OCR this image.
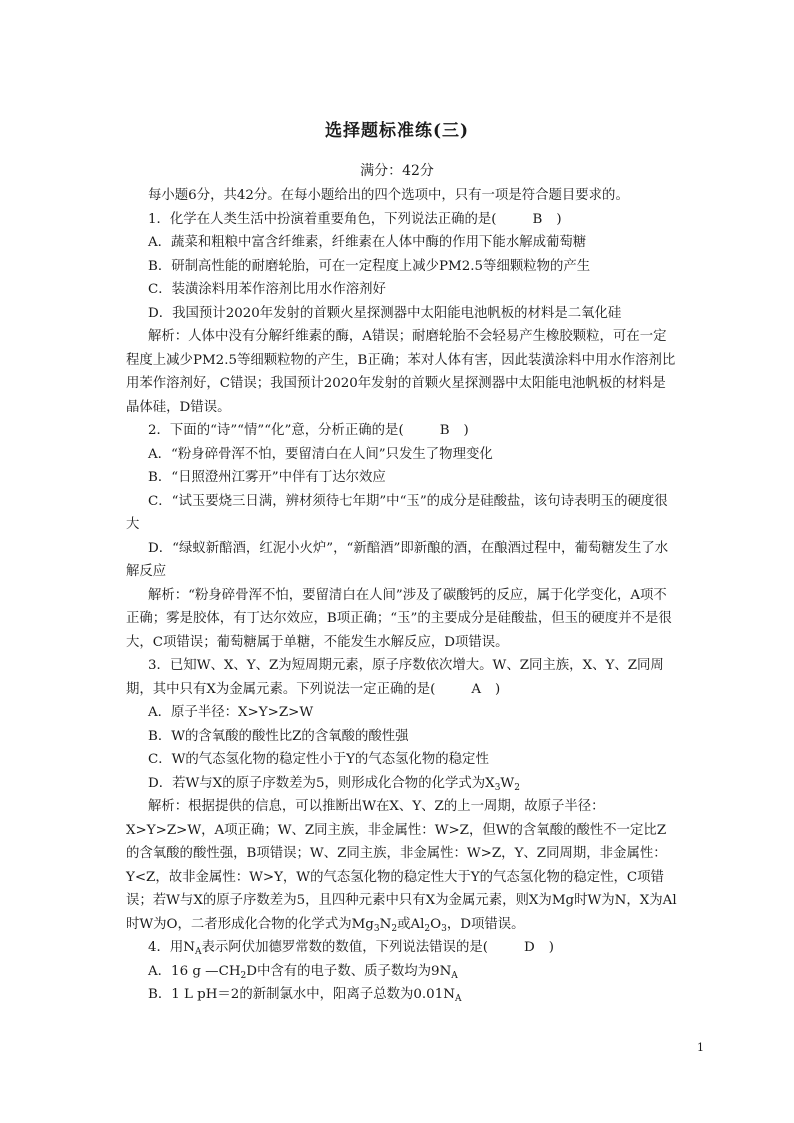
选择题标准练(三)
满分：42分

每小题6分，共42分。在每小题给出的四个选项中，只有一项是符合题目要求的。

1．化学在人类生活中扮演着重要角色，下列说法正确的是(	B )

A．蔬菜和粗粮中富含纤维素，纤维素在人体中酶的作用下能水解成葡萄糖

B．研制高性能的耐磨轮胎，可在一定程度上减少PM2.5等细颗粒物的产生

C．装潢涂料用苯作溶剂比用水作溶剂好

D．我国预计2020年发射的首颗火星探测器中太阳能电池帆板的材料是二氧化硅

解析：人体中没有分解纤维素的酶，A错误；耐磨轮胎不会轻易产生橡胶颗粒，可在一定程度上减少PM2.5等细颗粒物的产生，B正确；苯对人体有害，因此装潢涂料中用水作溶剂比用苯作溶剂好，C错误；我国预计2020年发射的首颗火星探测器中太阳能电池帆板的材料是晶体硅，D错误。

2．下面的“诗”“情”“化”意，分析正确的是(	B )

A．“粉身碎骨浑不怕，要留清白在人间”只发生了物理变化

B．“日照澄州江雾开”中伴有丁达尔效应

C．“试玉要烧三日满，辨材须待七年期”中“玉”的成分是硅酸盐，该句诗表明玉的硬度很大

D．“绿蚁新醅酒，红泥小火炉”，“新醅酒”即新酿的酒，在酿酒过程中，葡萄糖发生了水解反应

解析：“粉身碎骨浑不怕，要留清白在人间”涉及了碳酸钙的反应，属于化学变化，A项不正确；雾是胶体，有丁达尔效应，B项正确；“玉”的主要成分是硅酸盐，但玉的硬度并不是很大，C项错误；葡萄糖属于单糖，不能发生水解反应，D项错误。

3．已知W、X、Y、Z为短周期元素，原子序数依次增大。W、Z同主族，X、Y、Z同周期，其中只有X为金属元素。下列说法一定正确的是(	A )

A．原子半径：X>Y>Z>W

B．W的含氧酸的酸性比Z的含氧酸的酸性强

C．W的气态氢化物的稳定性小于Y的气态氢化物的稳定性

D．若W与X的原子序数差为5，则形成化合物的化学式为$X_3W_2$

解析：根据提供的信息，可以推断出W在X、Y、Z的上一周期，故原子半径：X>Y>Z>W，A项正确；W、Z同主族，非金属性：W>Z，但W的含氧酸的酸性不一定比Z的含氧酸的酸性强，B项错误；W、Z同主族，非金属性：W>Z，Y、Z同周期，非金属性：Y<Z，故非金属性：W>Y，W的气态氢化物的稳定性大于Y的气态氢化物的稳定性，C项错误；若W与X的原子序数差为5，且四种元素中只有X为金属元素，则X为Mg时W为N，X为Al时W为O，二者形成化合物的化学式为$Mg_3N_2$或$Al_2O_3$，D项错误。

4．用$N_A$表示阿伏加德罗常数的数值，下列说法错误的是(	D )

A．16 g $—CH_2D$中含有的电子数、质子数均为$9N_A$

B．1 L pH＝2的新制氯水中，阳离子总数为$0.01N_A$

1
